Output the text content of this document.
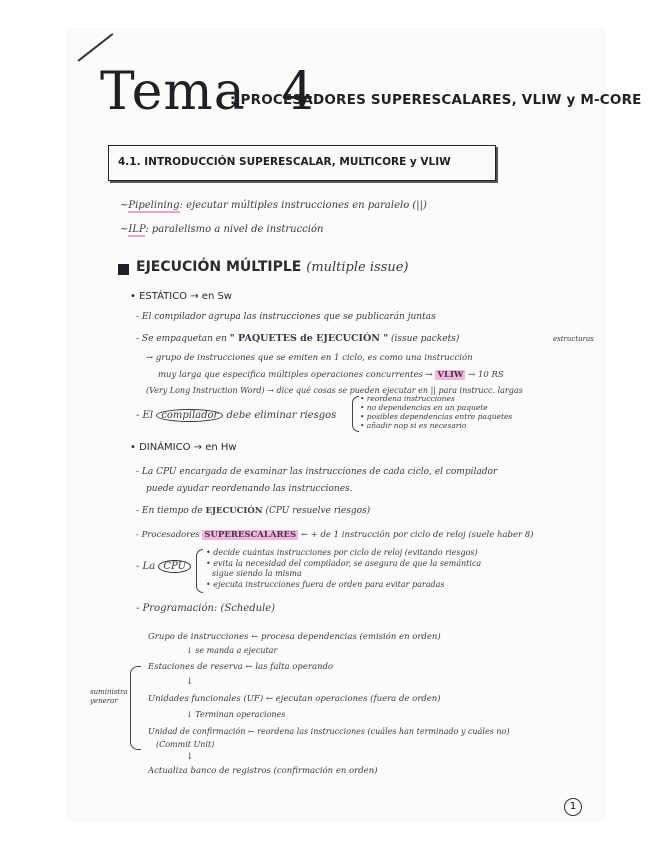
Tema 4
: PROCESADORES SUPERESCALARES, VLIW y M-CORE
4.1. INTRODUCCIÓN SUPERESCALAR, MULTICORE y VLIW
~Pipelining: ejecutar múltiples instrucciones en paralelo (||)
~ILP: paralelismo a nivel de instrucción
EJECUCIÓN MÚLTIPLE (multiple issue)
• ESTÁTICO → en Sw
- El compilador agrupa las instrucciones que se publicarán juntas
- Se empaquetan en " PAQUETES de EJECUCIÓN " (issue packets)	estructuras
→ grupo de instrucciones que se emiten en 1 ciclo, es como una instrucción
muy larga que especifica múltiples operaciones concurrentes → VLIW → 10 RS
(Very Long Instruction Word) → dice qué cosas se pueden ejecutar en || para instrucc. largas
- El compilador debe eliminar riesgos
• reordena instrucciones
• no dependencias en un paquete
• posibles dependencias entre paquetes
• añadir nop si es necesario
• DINÁMICO → en Hw
- La CPU encargada de examinar las instrucciones de cada ciclo, el compilador
puede ayudar reordenando las instrucciones.
- En tiempo de EJECUCIÓN (CPU resuelve riesgos)
- Procesadores SUPERESCALARES ← + de 1 instrucción por ciclo de reloj (suele haber 8)
- La CPU
• decide cuántas instrucciones por ciclo de reloj (evitando riesgos)
• evita la necesidad del compilador, se asegura de que la semántica
sigue siendo la misma
• ejecuta instrucciones fuera de orden para evitar paradas
- Programación: (Schedule)
suministra
yenerar
Grupo de instrucciones ← procesa dependencias (emisión en orden)
↓ se manda a ejecutar
Estaciones de reserva ← las falta operando
↓
Unidades funcionales (UF) ← ejecutan operaciones (fuera de orden)
↓ Terminan operaciones
Unidad de confirmación ← reordena las instrucciones (cuáles han terminado y cuáles no)
(Commit Unit)
↓
Actualiza banco de registros (confirmación en orden)
1
